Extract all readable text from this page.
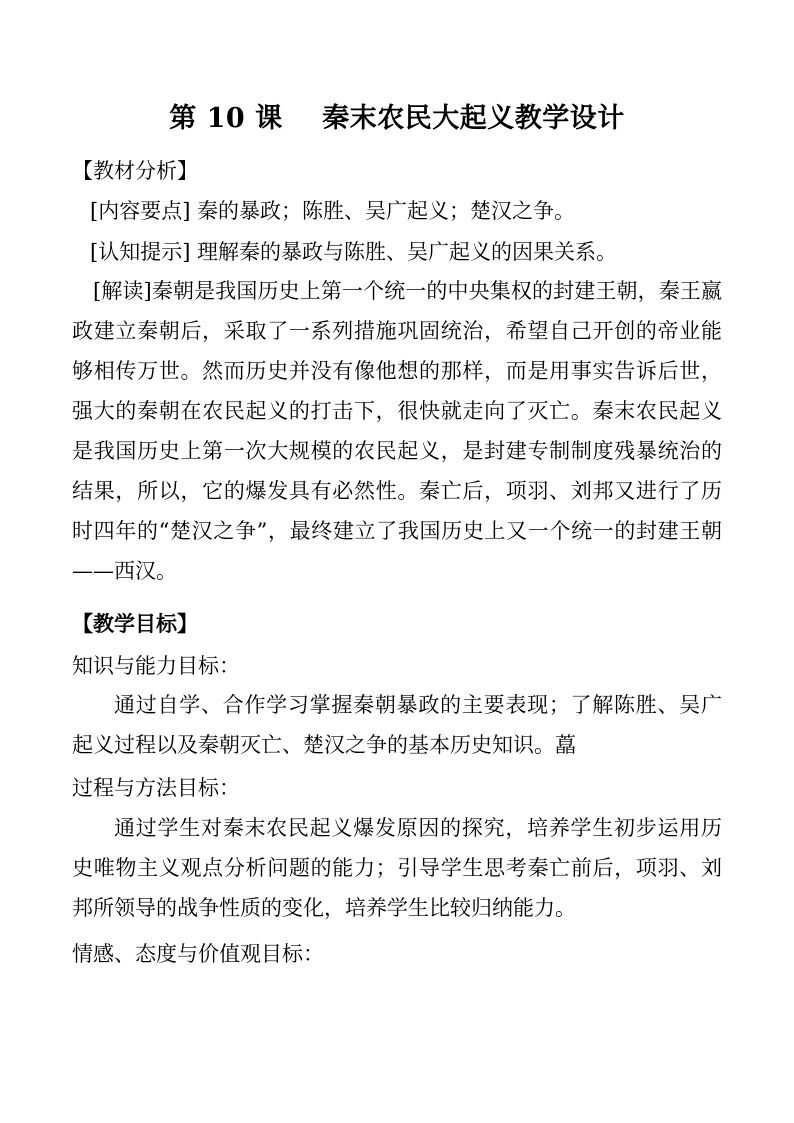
第 10 课    秦末农民大起义教学设计
【教材分析】
[内容要点] 秦的暴政；陈胜、吴广起义；楚汉之争。
[认知提示] 理解秦的暴政与陈胜、吴广起义的因果关系。
[解读]秦朝是我国历史上第一个统一的中央集权的封建王朝，秦王嬴政建立秦朝后，采取了一系列措施巩固统治，希望自己开创的帝业能够相传万世。然而历史并没有像他想的那样，而是用事实告诉后世，强大的秦朝在农民起义的打击下，很快就走向了灭亡。秦末农民起义是我国历史上第一次大规模的农民起义，是封建专制制度残暴统治的结果，所以，它的爆发具有必然性。秦亡后，项羽、刘邦又进行了历时四年的“楚汉之争”，最终建立了我国历史上又一个统一的封建王朝——西汉。
【教学目标】
知识与能力目标：
通过自学、合作学习掌握秦朝暴政的主要表现；了解陈胜、吴广起义过程以及秦朝灭亡、楚汉之争的基本历史知识。藠
过程与方法目标：
通过学生对秦末农民起义爆发原因的探究，培养学生初步运用历史唯物主义观点分析问题的能力；引导学生思考秦亡前后，项羽、刘邦所领导的战争性质的变化，培养学生比较归纳能力。
情感、态度与价值观目标：
